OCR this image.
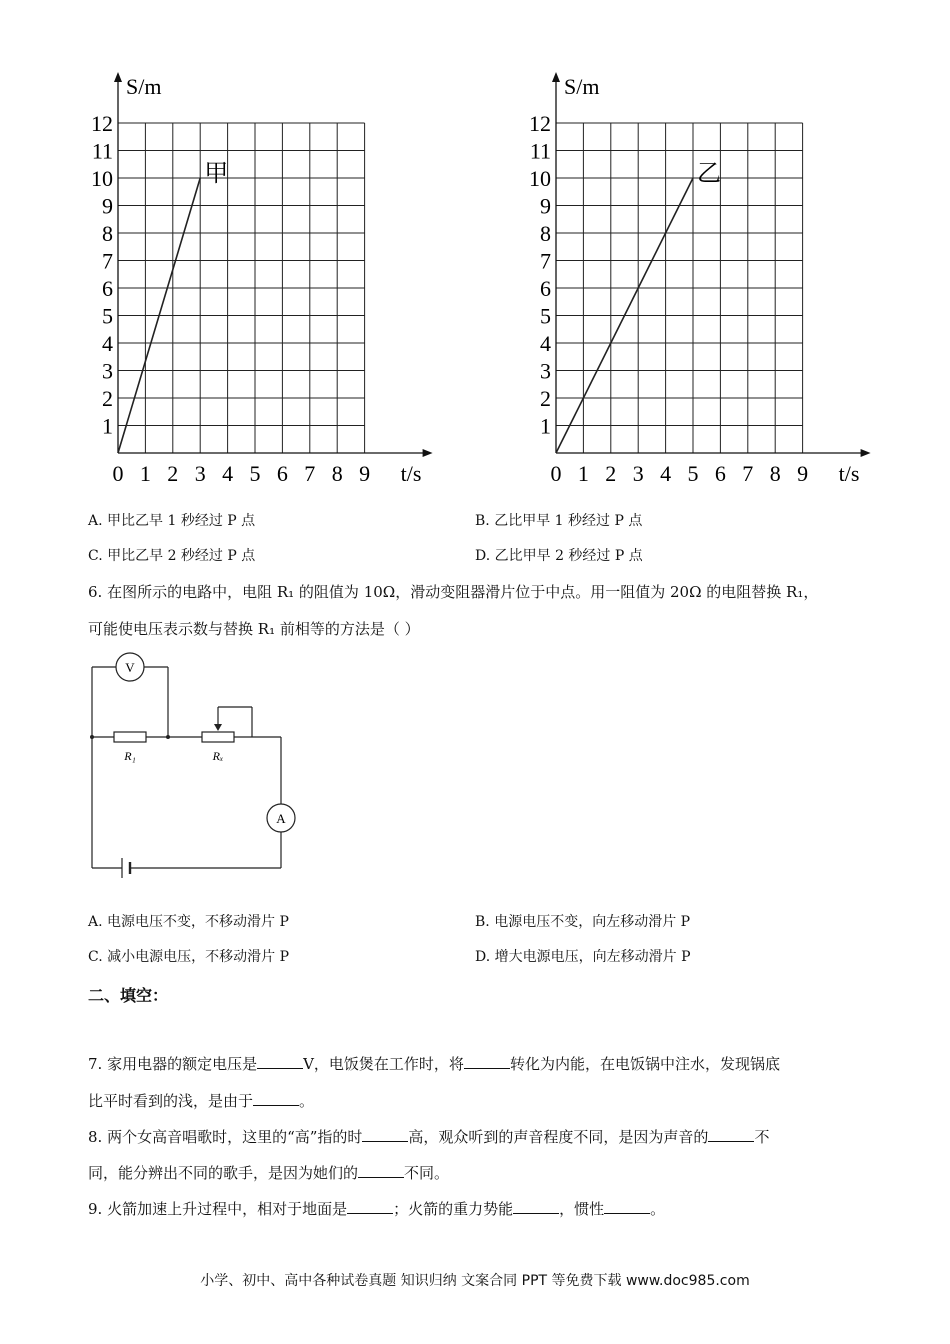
1
2
3
4
5
6
7
8
9
10
11
12
0 1 2 3 4 5 6 7 8 9
S/m
t/s
甲
1
2
3
4
5
6
7
8
9
10
11
12
0 1 2 3 4 5 6 7 8 9
S/m
t/s
乙
A. 甲比乙早 1 秒经过 P 点	B. 乙比甲早 1 秒经过 P 点
C. 甲比乙早 2 秒经过 P 点	D. 乙比甲早 2 秒经过 P 点
6. 在图所示的电路中，电阻 R₁ 的阻值为 10Ω，滑动变阻器滑片位于中点。用一阻值为 20Ω 的电阻替换 R₁，
可能使电压表示数与替换 R₁ 前相等的方法是（ ）
V
A
R₁	Rₓ
A. 电源电压不变，不移动滑片 P	B. 电源电压不变，向左移动滑片 P
C. 减小电源电压，不移动滑片 P	D. 增大电源电压，向左移动滑片 P
二、填空：
7. 家用电器的额定电压是	V，电饭煲在工作时，将	转化为内能，在电饭锅中注水，发现锅底
比平时看到的浅，是由于	。
8. 两个女高音唱歌时，这里的“高”指的时	高，观众听到的声音程度不同，是因为声音的	不
同，能分辨出不同的歌手，是因为她们的	不同。
9. 火箭加速上升过程中，相对于地面是	；火箭的重力势能	，惯性	。
小学、初中、高中各种试卷真题 知识归纳 文案合同 PPT 等免费下载 www.doc985.com
